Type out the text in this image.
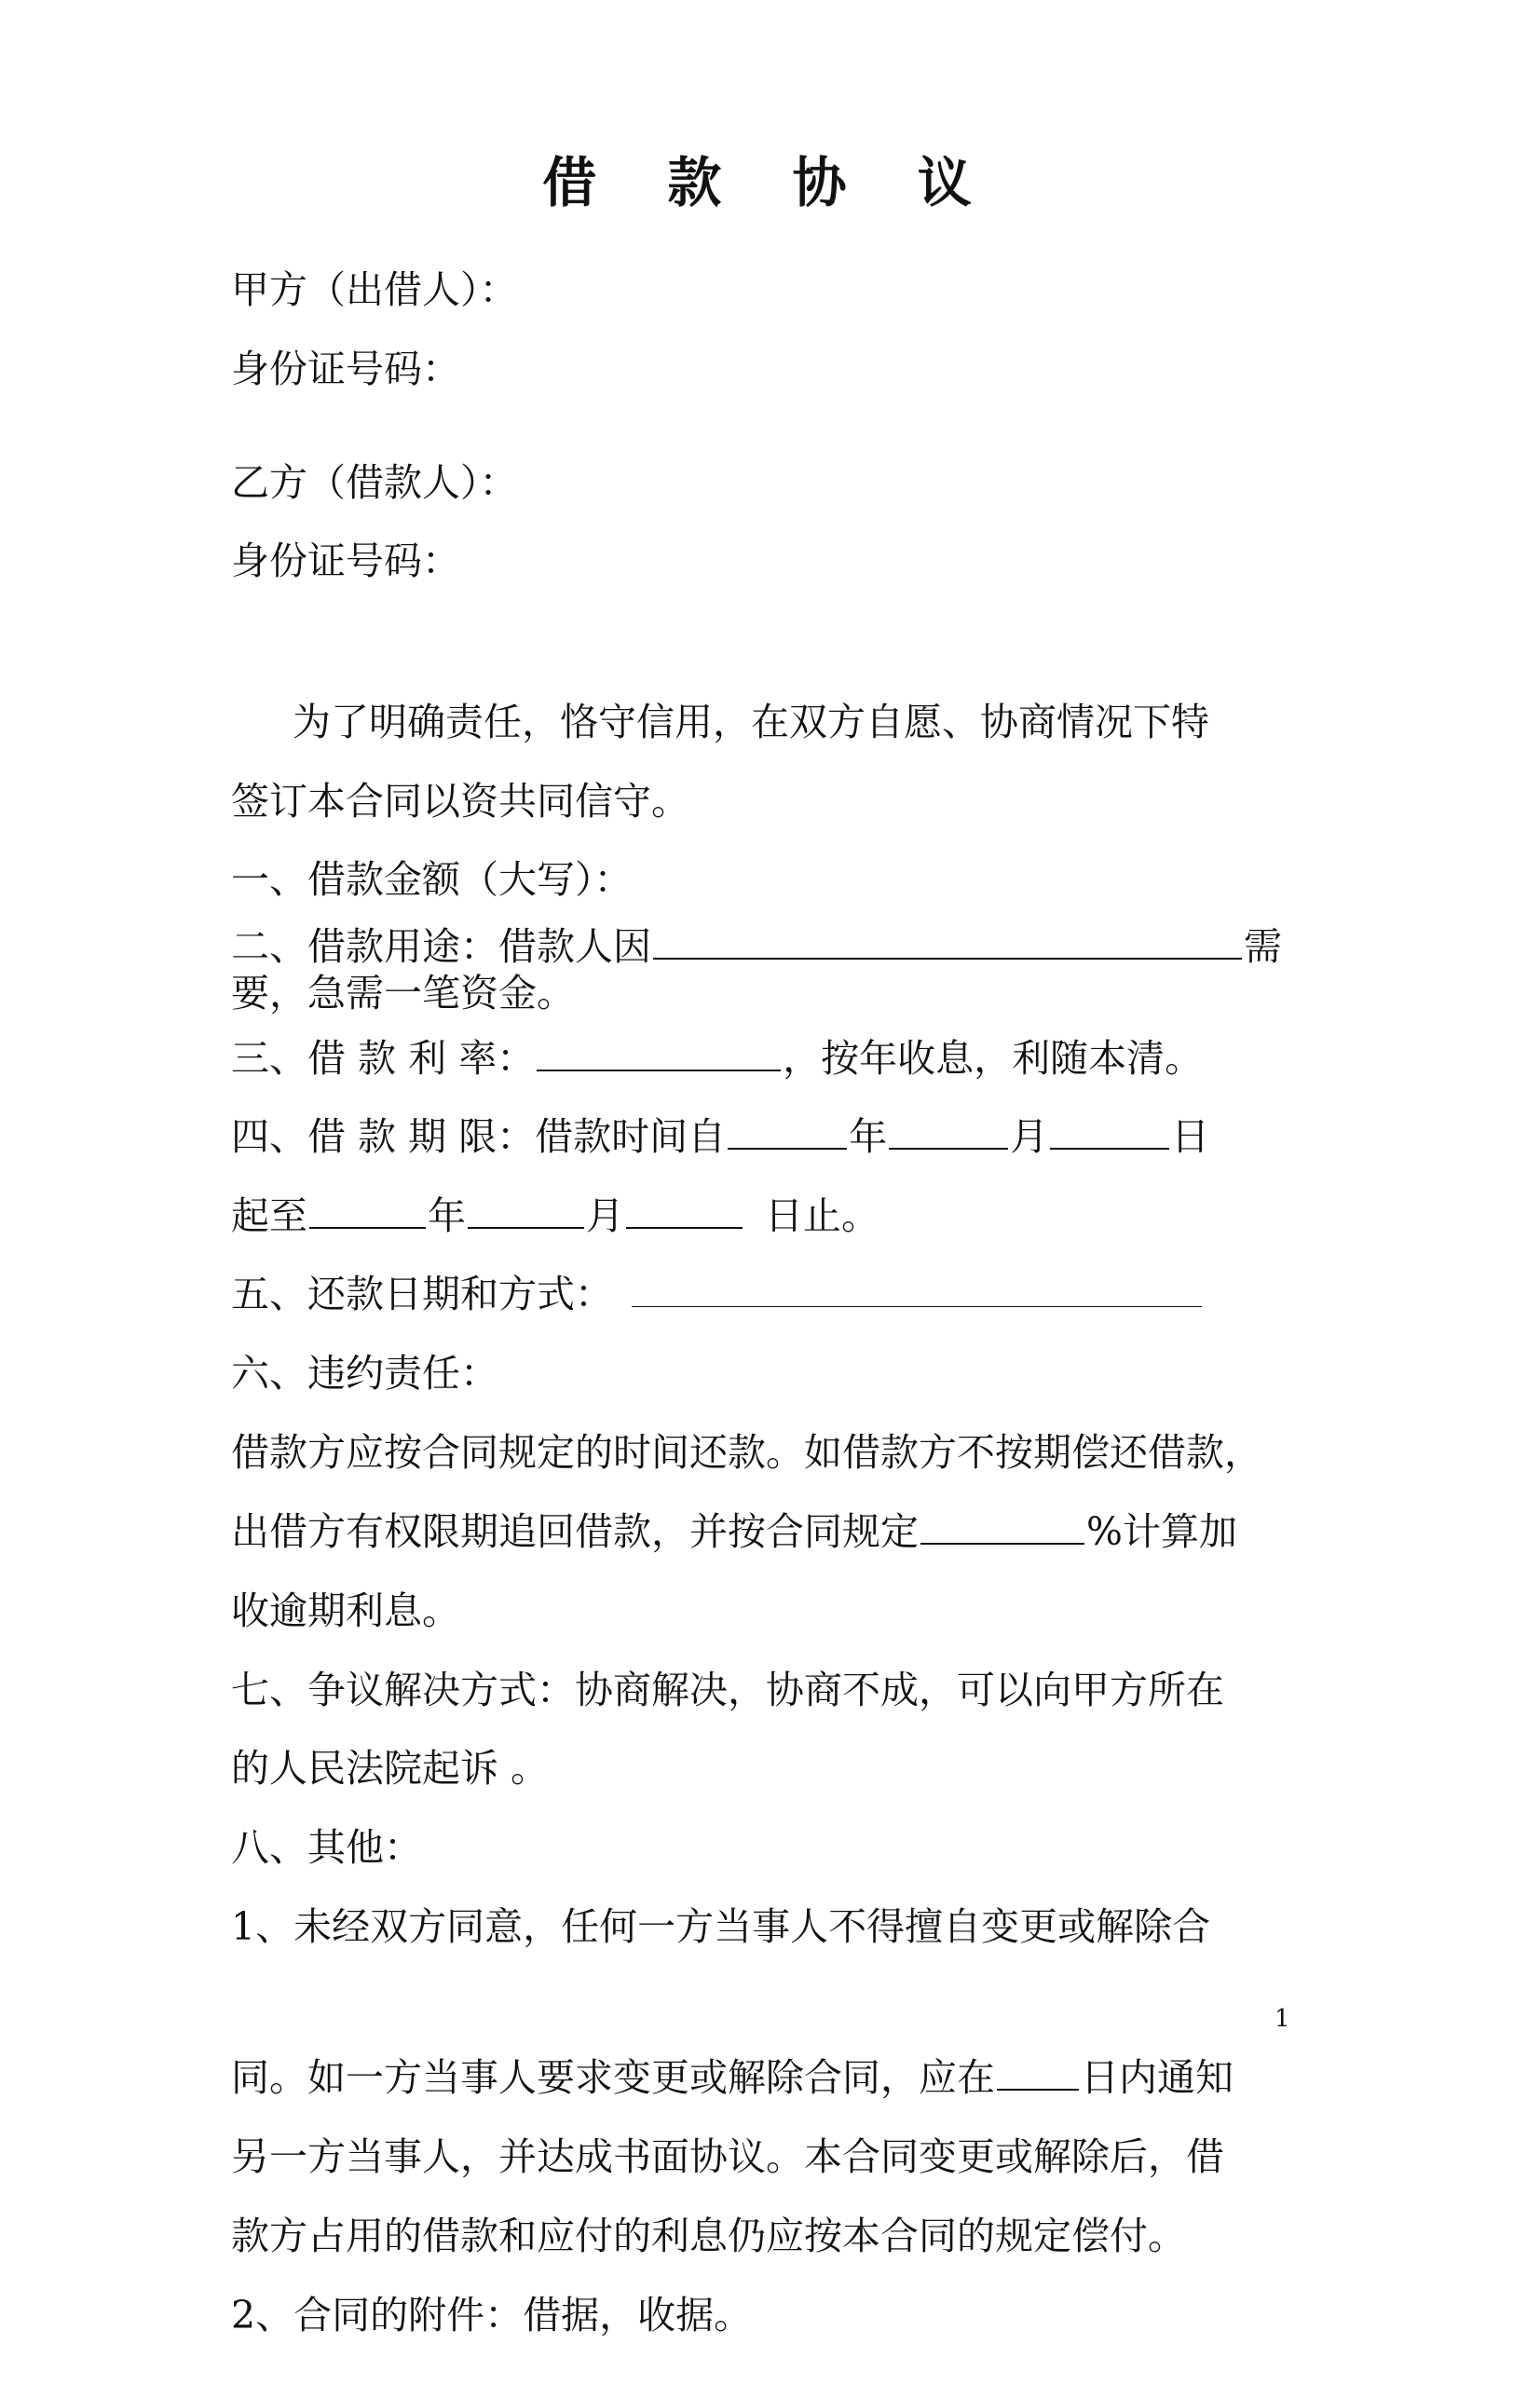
借 款 协 议
甲方（出借人）：
身份证号码：
乙方（借款人）：
身份证号码：
为了明确责任，恪守信用，在双方自愿、协商情况下特
签订本合同以资共同信守。
一、借款金额（大写）：
二、借款用途：借款人因	需
要，急需一笔资金。
三、借 款 利 率：	，按年收息，利随本清。
四、借 款 期 限：借款时间自	年	月	日
起至	年	月	日止。
五、还款日期和方式：
六、违约责任：
借款方应按合同规定的时间还款。如借款方不按期偿还借款，
出借方有权限期追回借款，并按合同规定	%计算加
收逾期利息。
七、争议解决方式：协商解决，协商不成，可以向甲方所在
的人民法院起诉 。
八、其他：
1、未经双方同意，任何一方当事人不得擅自变更或解除合
1
同。如一方当事人要求变更或解除合同，应在 日内通知
另一方当事人，并达成书面协议。本合同变更或解除后，借
款方占用的借款和应付的利息仍应按本合同的规定偿付。
2、合同的附件：借据，收据。
